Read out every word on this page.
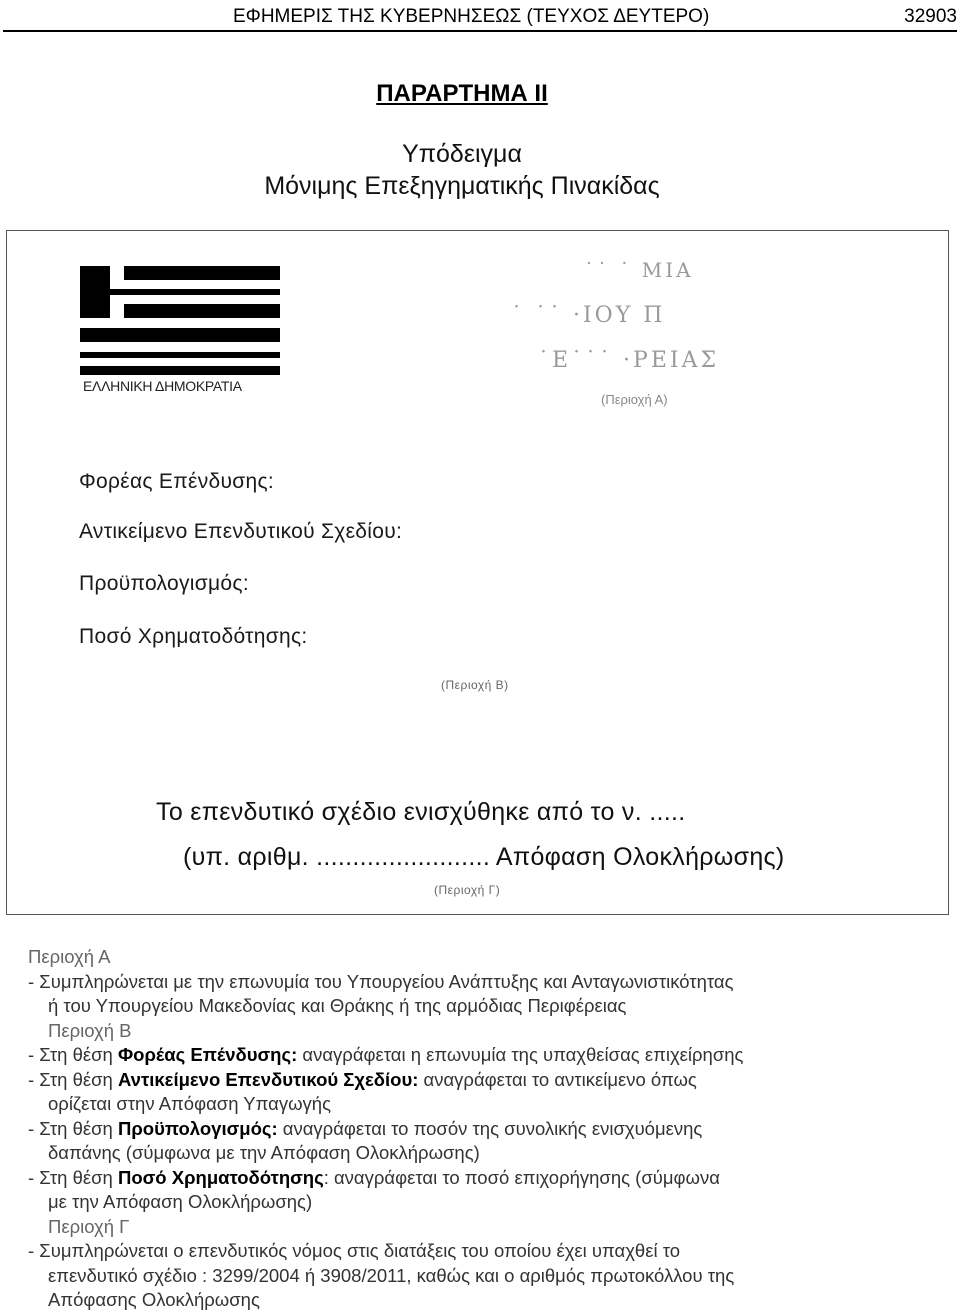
ΕΦΗΜΕΡΙΣ ΤΗΣ ΚΥΒΕΡΝΗΣΕΩΣ (ΤΕΥΧΟΣ ΔΕΥΤΕΡΟ)	32903
ΠΑΡΑΡΤΗΜΑ ΙΙ
Υπόδειγμα
Μόνιμης Επεξηγηματικής Πινακίδας
ΕΛΛΗΝΙΚΗ ΔΗΜΟΚΡΑΤΙΑ
˙˙ ˙ ΜΙΑ
˙ ˙˙ ·ΙΟΥ Π
˙Ε˙˙˙ ·ΡΕΙΑΣ
(Περιοχή Α)
Φορέας Επένδυσης:
Αντικείμενο Επενδυτικού Σχεδίου:
Προϋπολογισμός:
Ποσό Χρηματοδότησης:
(Περιοχή Β)
Το επενδυτικό σχέδιο ενισχύθηκε από το ν. .....
(υπ. αριθμ. ........................ Απόφαση Ολοκλήρωσης)
(Περιοχή Γ)
Περιοχή Α
- Συμπληρώνεται με την επωνυμία του Υπουργείου Ανάπτυξης και Ανταγωνιστικότητας
ή του Υπουργείου Μακεδονίας και Θράκης ή της αρμόδιας Περιφέρειας
Περιοχή Β
- Στη θέση Φορέας Επένδυσης: αναγράφεται η επωνυμία της υπαχθείσας επιχείρησης
- Στη θέση Αντικείμενο Επενδυτικού Σχεδίου: αναγράφεται το αντικείμενο όπως
ορίζεται στην Απόφαση Υπαγωγής
- Στη θέση Προϋπολογισμός: αναγράφεται το ποσόν της συνολικής ενισχυόμενης
δαπάνης (σύμφωνα με την Απόφαση Ολοκλήρωσης)
- Στη θέση Ποσό Χρηματοδότησης: αναγράφεται το ποσό επιχορήγησης (σύμφωνα
με την Απόφαση Ολοκλήρωσης)
Περιοχή Γ
- Συμπληρώνεται ο επενδυτικός νόμος στις διατάξεις του οποίου έχει υπαχθεί το
επενδυτικό σχέδιο : 3299/2004 ή 3908/2011, καθώς και ο αριθμός πρωτοκόλλου της
Απόφασης Ολοκλήρωσης
